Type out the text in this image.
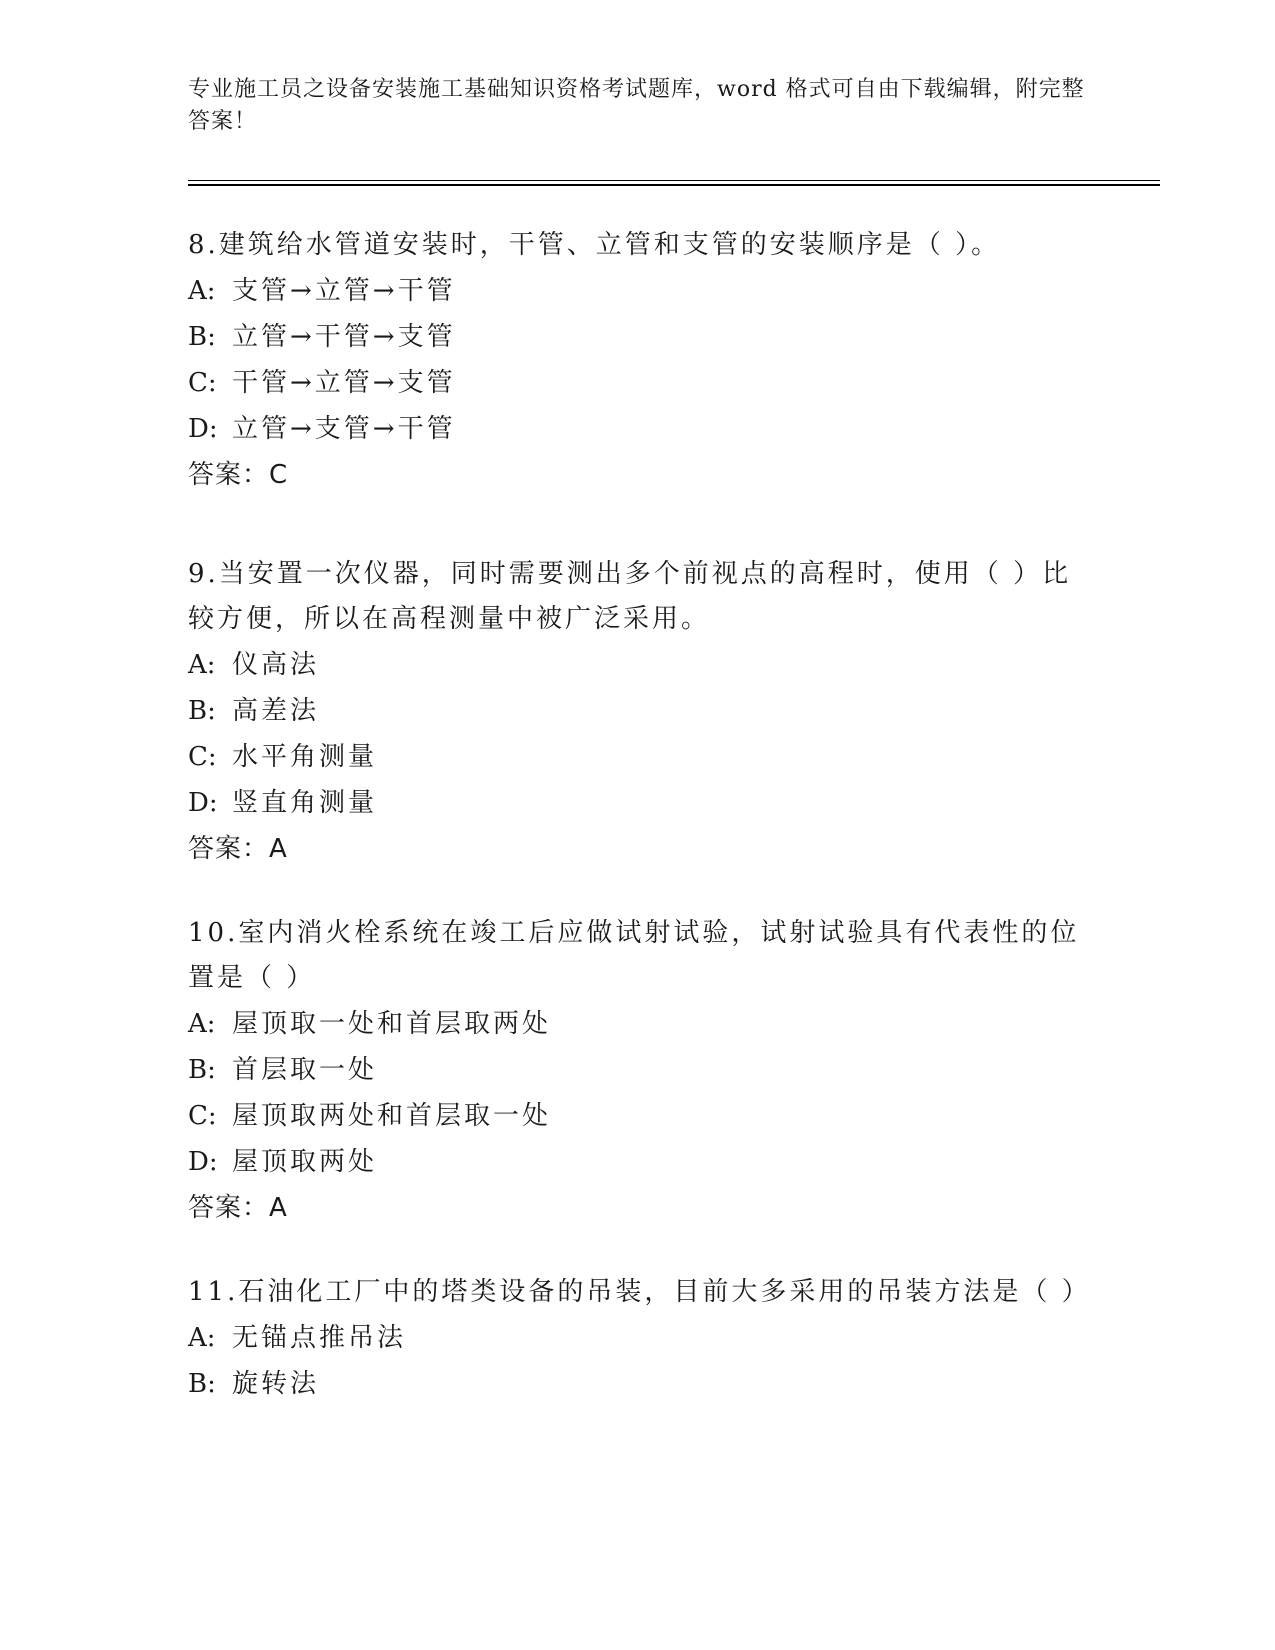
专业施工员之设备安装施工基础知识资格考试题库，word 格式可自由下载编辑，附完整答案！
8.建筑给水管道安装时，干管、立管和支管的安装顺序是（ ）。
A: 支管→立管→干管
B: 立管→干管→支管
C: 干管→立管→支管
D: 立管→支管→干管
答案：C
9.当安置一次仪器，同时需要测出多个前视点的高程时，使用（ ）比较方便，所以在高程测量中被广泛采用。
A: 仪高法
B: 高差法
C: 水平角测量
D: 竖直角测量
答案：A
10.室内消火栓系统在竣工后应做试射试验，试射试验具有代表性的位置是（ ）
A: 屋顶取一处和首层取两处
B: 首层取一处
C: 屋顶取两处和首层取一处
D: 屋顶取两处
答案：A
11.石油化工厂中的塔类设备的吊装，目前大多采用的吊装方法是（ ）
A: 无锚点推吊法
B: 旋转法
